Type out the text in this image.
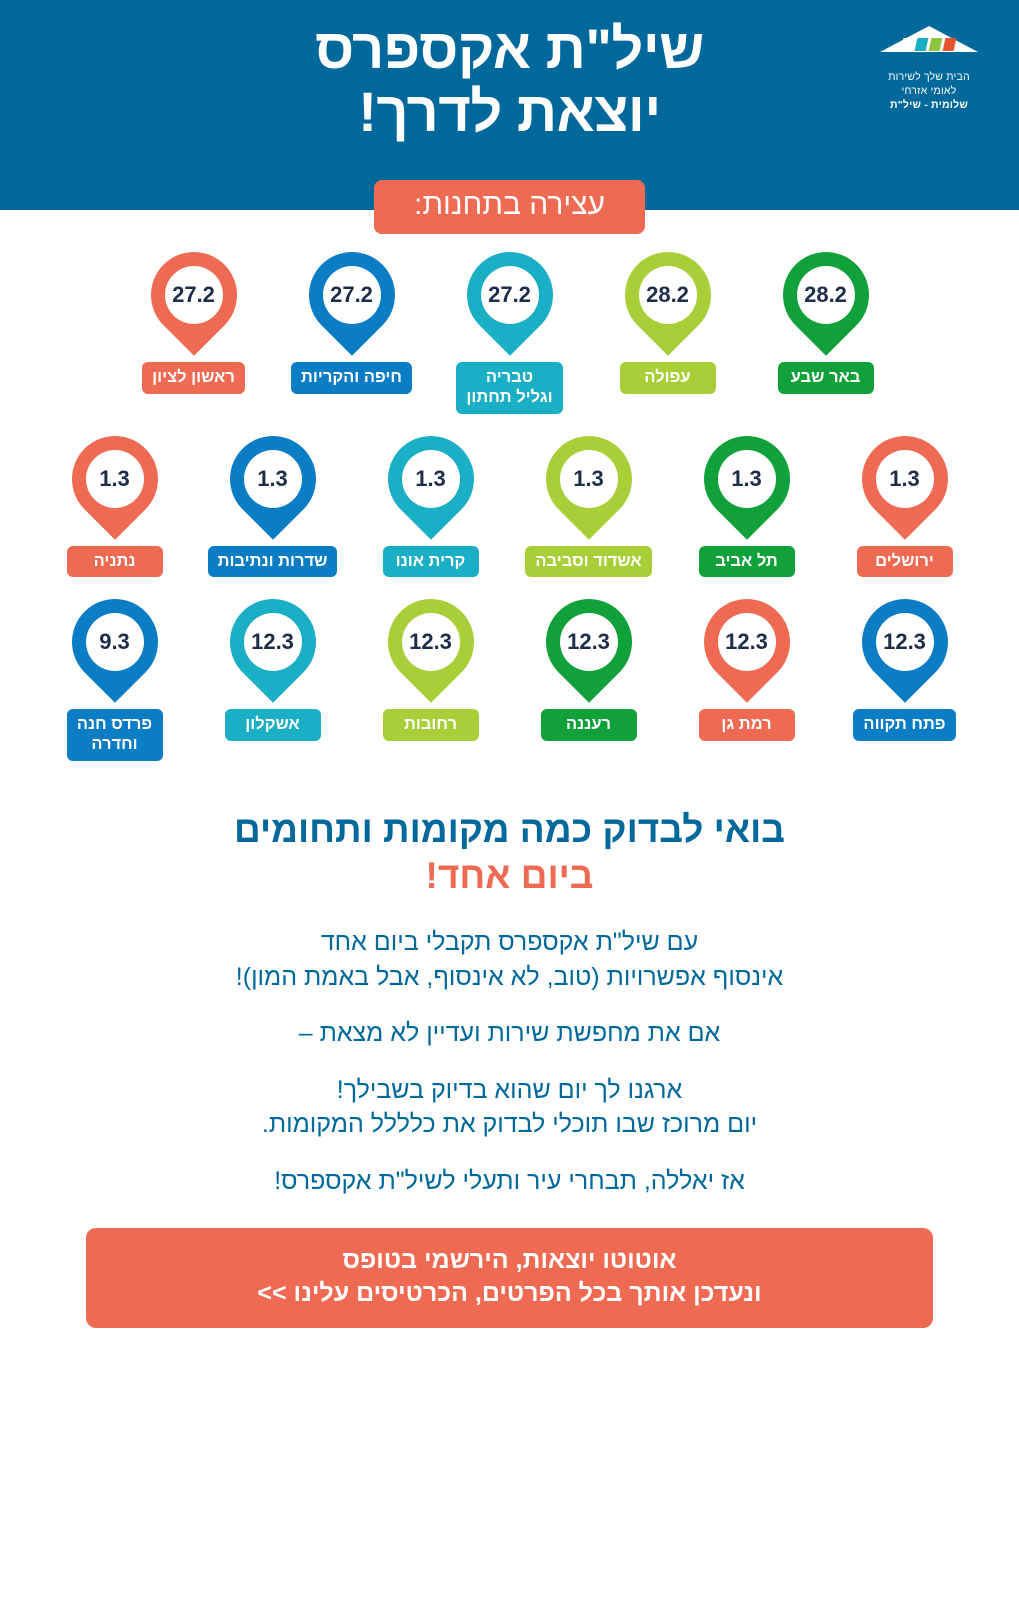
הבית שלך לשירות
לאומי אזרחי
שלומית - שיל"ת
שיל"ת אקספרס
יוצאת לדרך!
עצירה בתחנות:
28.2
באר שבע
28.2
עפולה
27.2
טבריה
וגליל תחתון
27.2
חיפה והקריות
27.2
ראשון לציון
1.3
ירושלים
1.3
תל אביב
1.3
אשדוד וסביבה
1.3
קרית אונו
1.3
שדרות ונתיבות
1.3
נתניה
12.3
פתח תקווה
12.3
רמת גן
12.3
רעננה
12.3
רחובות
12.3
אשקלון
9.3
פרדס חנה
וחדרה
בואי לבדוק כמה מקומות ותחומים
ביום אחד!

עם שיל"ת אקספרס תקבלי ביום אחד
אינסוף אפשרויות (טוב, לא אינסוף, אבל באמת המון)!

אם את מחפשת שירות ועדיין לא מצאת –

ארגנו לך יום שהוא בדיוק בשבילך!
יום מרוכז שבו תוכלי לבדוק את כלללל המקומות.

אז יאללה, תבחרי עיר ותעלי לשיל"ת אקספרס!

אוטוטו יוצאות, הירשמי בטופס
ונעדכן אותך בכל הפרטים, הכרטיסים עלינו >>
